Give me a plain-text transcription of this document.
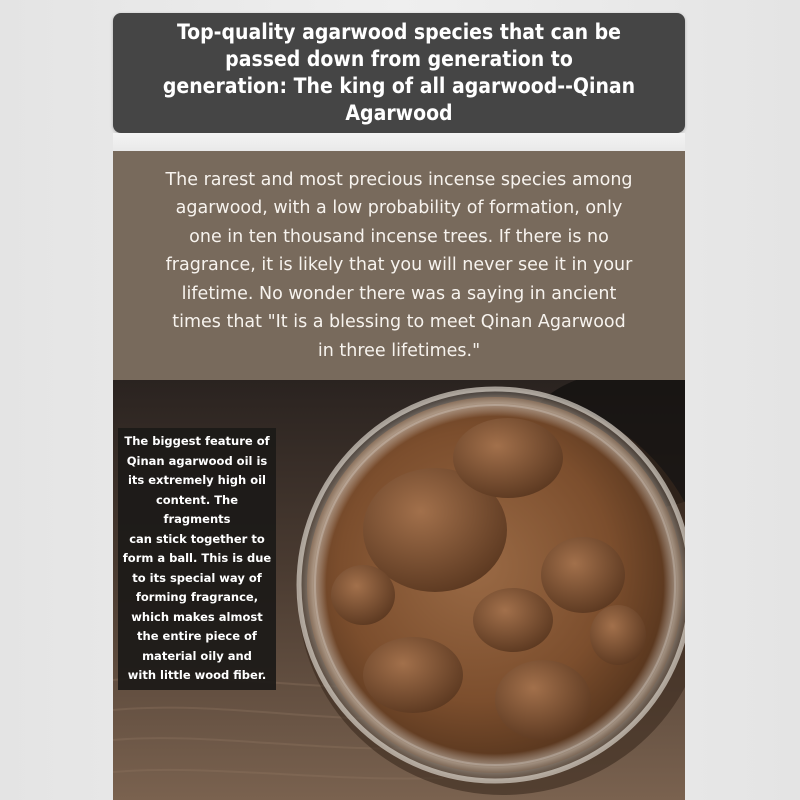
Top-quality agarwood species that can be
passed down from generation to
generation: The king of all agarwood--Qinan Agarwood

The rarest and most precious incense species among
agarwood, with a low probability of formation, only
one in ten thousand incense trees. If there is no
fragrance, it is likely that you will never see it in your
lifetime. No wonder there was a saying in ancient
times that "It is a blessing to meet Qinan Agarwood
in three lifetimes."

The biggest feature of
Qinan agarwood oil is
its extremely high oil
content. The fragments
can stick together to
form a ball. This is due
to its special way of
forming fragrance,
which makes almost
the entire piece of
material oily and
with little wood fiber.
